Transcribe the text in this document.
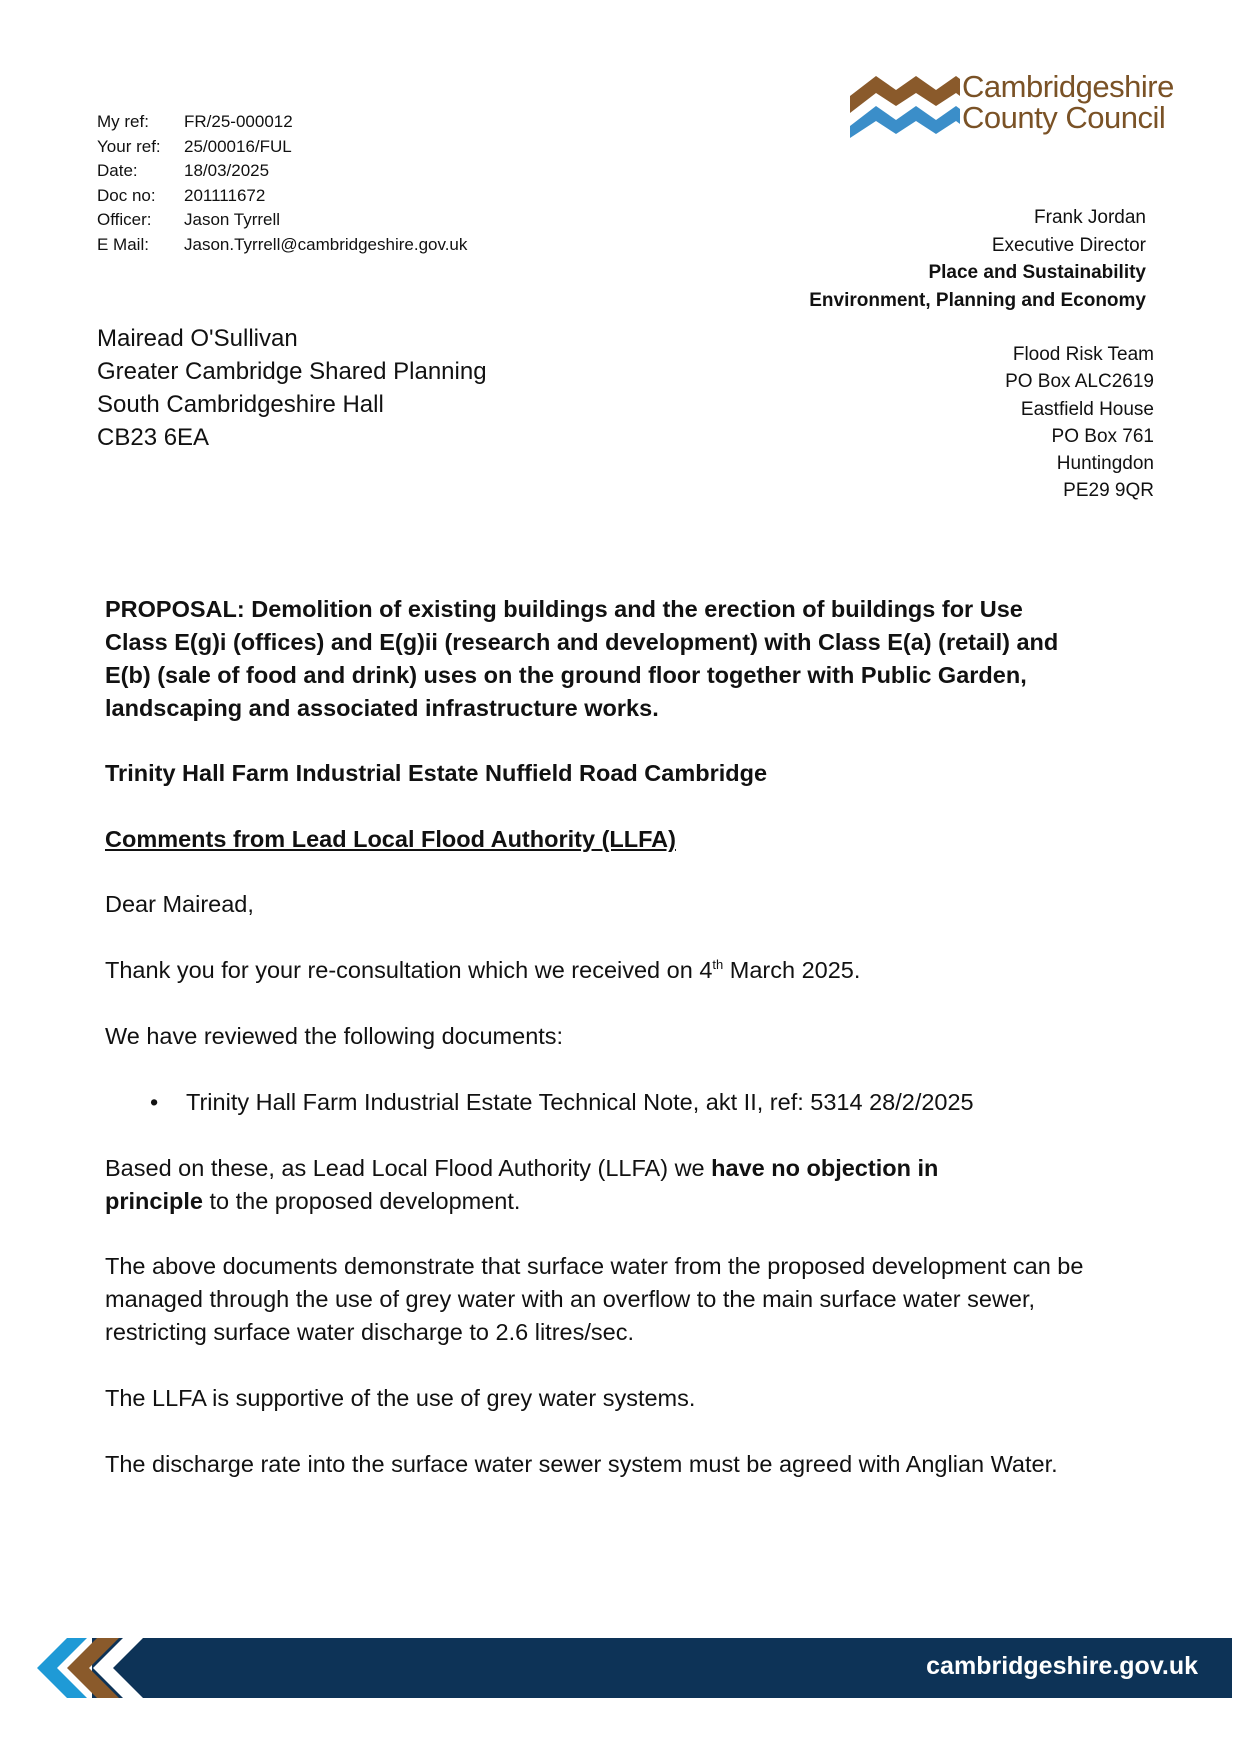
My ref:	FR/25-000012
Your ref:	25/00016/FUL
Date:	18/03/2025
Doc no:	201111672
Officer:	Jason Tyrrell
E Mail:	Jason.Tyrrell@cambridgeshire.gov.uk
Cambridgeshire
County Council
Frank Jordan
Executive Director
Place and Sustainability
Environment, Planning and Economy
Mairead O'Sullivan
Greater Cambridge Shared Planning
South Cambridgeshire Hall
CB23 6EA
Flood Risk Team
PO Box ALC2619
Eastfield House
PO Box 761
Huntingdon
PE29 9QR
PROPOSAL: Demolition of existing buildings and the erection of buildings for Use Class E(g)i (offices) and E(g)ii (research and development) with Class E(a) (retail) and E(b) (sale of food and drink) uses on the ground floor together with Public Garden, landscaping and associated infrastructure works.
Trinity Hall Farm Industrial Estate Nuffield Road Cambridge
Comments from Lead Local Flood Authority (LLFA)
Dear Mairead,
Thank you for your re-consultation which we received on 4th March 2025.
We have reviewed the following documents:
•	Trinity Hall Farm Industrial Estate Technical Note, akt II, ref: 5314 28/2/2025
Based on these, as Lead Local Flood Authority (LLFA) we have no objection in principle to the proposed development.
The above documents demonstrate that surface water from the proposed development can be managed through the use of grey water with an overflow to the main surface water sewer, restricting surface water discharge to 2.6 litres/sec.
The LLFA is supportive of the use of grey water systems.
The discharge rate into the surface water sewer system must be agreed with Anglian Water.
cambridgeshire.gov.uk
